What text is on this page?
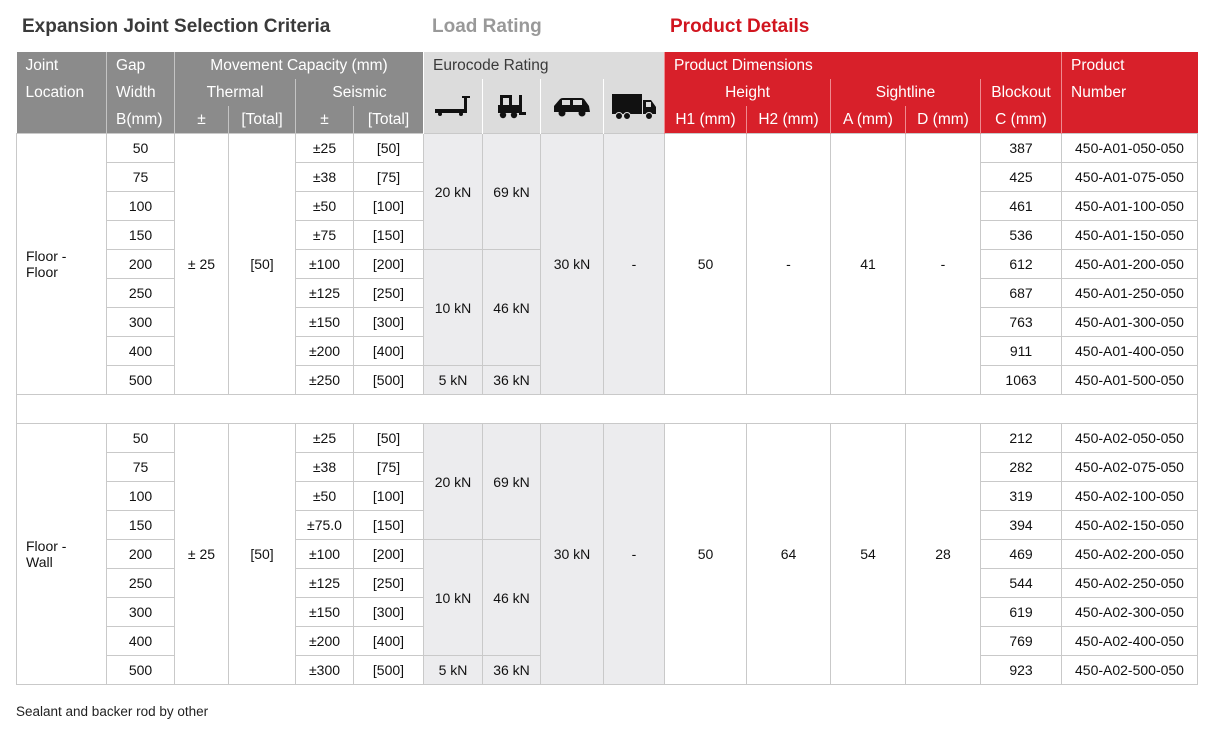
Expansion Joint Selection Criteria	Load Rating	Product Details
Joint	Gap	Movement Capacity (mm)				Eurocode Rating				Product Dimensions					Product
Location	Width	Thermal		Seismic						Height		Sightline		Blockout	Number
	B(mm)	±	[Total]	±	[Total]					H1 (mm)	H2 (mm)	A (mm)	D (mm)	C (mm)	
Floor -
Floor	50	± 25	[50]	±25	[50]	20 kN	69 kN	30 kN	-	50	-	41	-	387	450-A01-050-050
	75			±38	[75]									425	450-A01-075-050
	100			±50	[100]									461	450-A01-100-050
	150			±75	[150]									536	450-A01-150-050
	200			±100	[200]	10 kN	46 kN							612	450-A01-200-050
	250			±125	[250]									687	450-A01-250-050
	300			±150	[300]									763	450-A01-300-050
	400			±200	[400]									911	450-A01-400-050
	500			±250	[500]	5 kN	36 kN							1063	450-A01-500-050

Floor -
Wall	50	± 25	[50]	±25	[50]	20 kN	69 kN	30 kN	-	50	64	54	28	212	450-A02-050-050
	75			±38	[75]									282	450-A02-075-050
	100			±50	[100]									319	450-A02-100-050
	150			±75.0	[150]									394	450-A02-150-050
	200			±100	[200]	10 kN	46 kN							469	450-A02-200-050
	250			±125	[250]									544	450-A02-250-050
	300			±150	[300]									619	450-A02-300-050
	400			±200	[400]									769	450-A02-400-050
	500			±300	[500]	5 kN	36 kN							923	450-A02-500-050
Sealant and backer rod by other
